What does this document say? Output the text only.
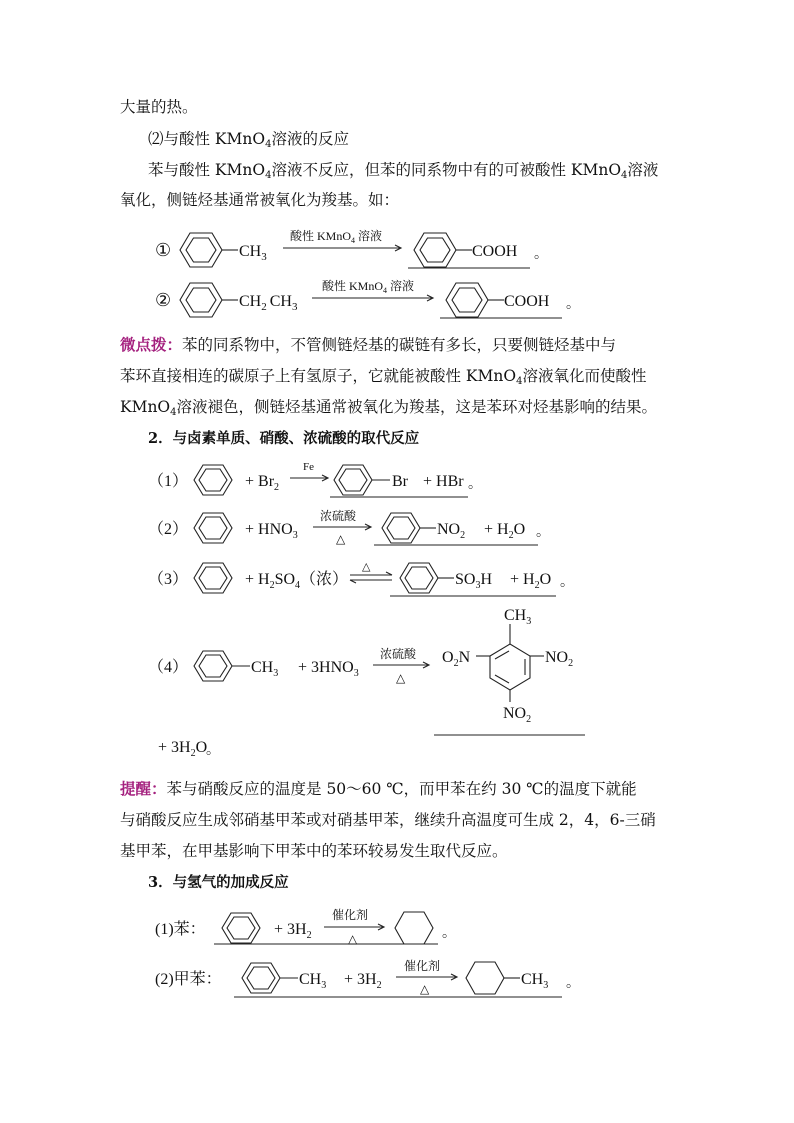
大量的热。
⑵与酸性 KMnO$_4$溶液的反应
苯与酸性 KMnO$_4$溶液不反应，但苯的同系物中有的可被酸性 KMnO$_4$溶液
氧化，侧链烃基通常被氧化为羧基。如：
①	$CH_3$
酸性 KMnO$_4$ 溶液
COOH 。
②	$CH_2$ $CH_3$
酸性 KMnO$_4$ 溶液
COOH 。
（1）	+ $Br_2$
Fe
Br + HBr 。
（2）	+ $HNO_3$
浓硫酸
△
$NO_2 + H_2O$ 。
（3）	+ $H_2SO_4$（浓）
△
$SO_3H + H_2O$ 。
（4）	$CH_3 + 3HNO_3$
浓硫酸
△
$CH_3$
$O_2N$	$NO_2$
$NO_2$
+ $3H_2O$
。
(1)苯：	+ $3H_2$
催化剂
△	。
(2)甲苯：	$CH_3 + 3H_2$
催化剂
△
$CH_3$ 。
微点拨：苯的同系物中，不管侧链烃基的碳链有多长，只要侧链烃基中与
苯环直接相连的碳原子上有氢原子，它就能被酸性 KMnO$_4$溶液氧化而使酸性
KMnO$_4$溶液褪色，侧链烃基通常被氧化为羧基，这是苯环对烃基影响的结果。
2．与卤素单质、硝酸、浓硫酸的取代反应
提醒：苯与硝酸反应的温度是 50～60 ℃，而甲苯在约 30 ℃的温度下就能
与硝酸反应生成邻硝基甲苯或对硝基甲苯，继续升高温度可生成 2，4，6-三硝
基甲苯，在甲基影响下甲苯中的苯环较易发生取代反应。
3．与氢气的加成反应
